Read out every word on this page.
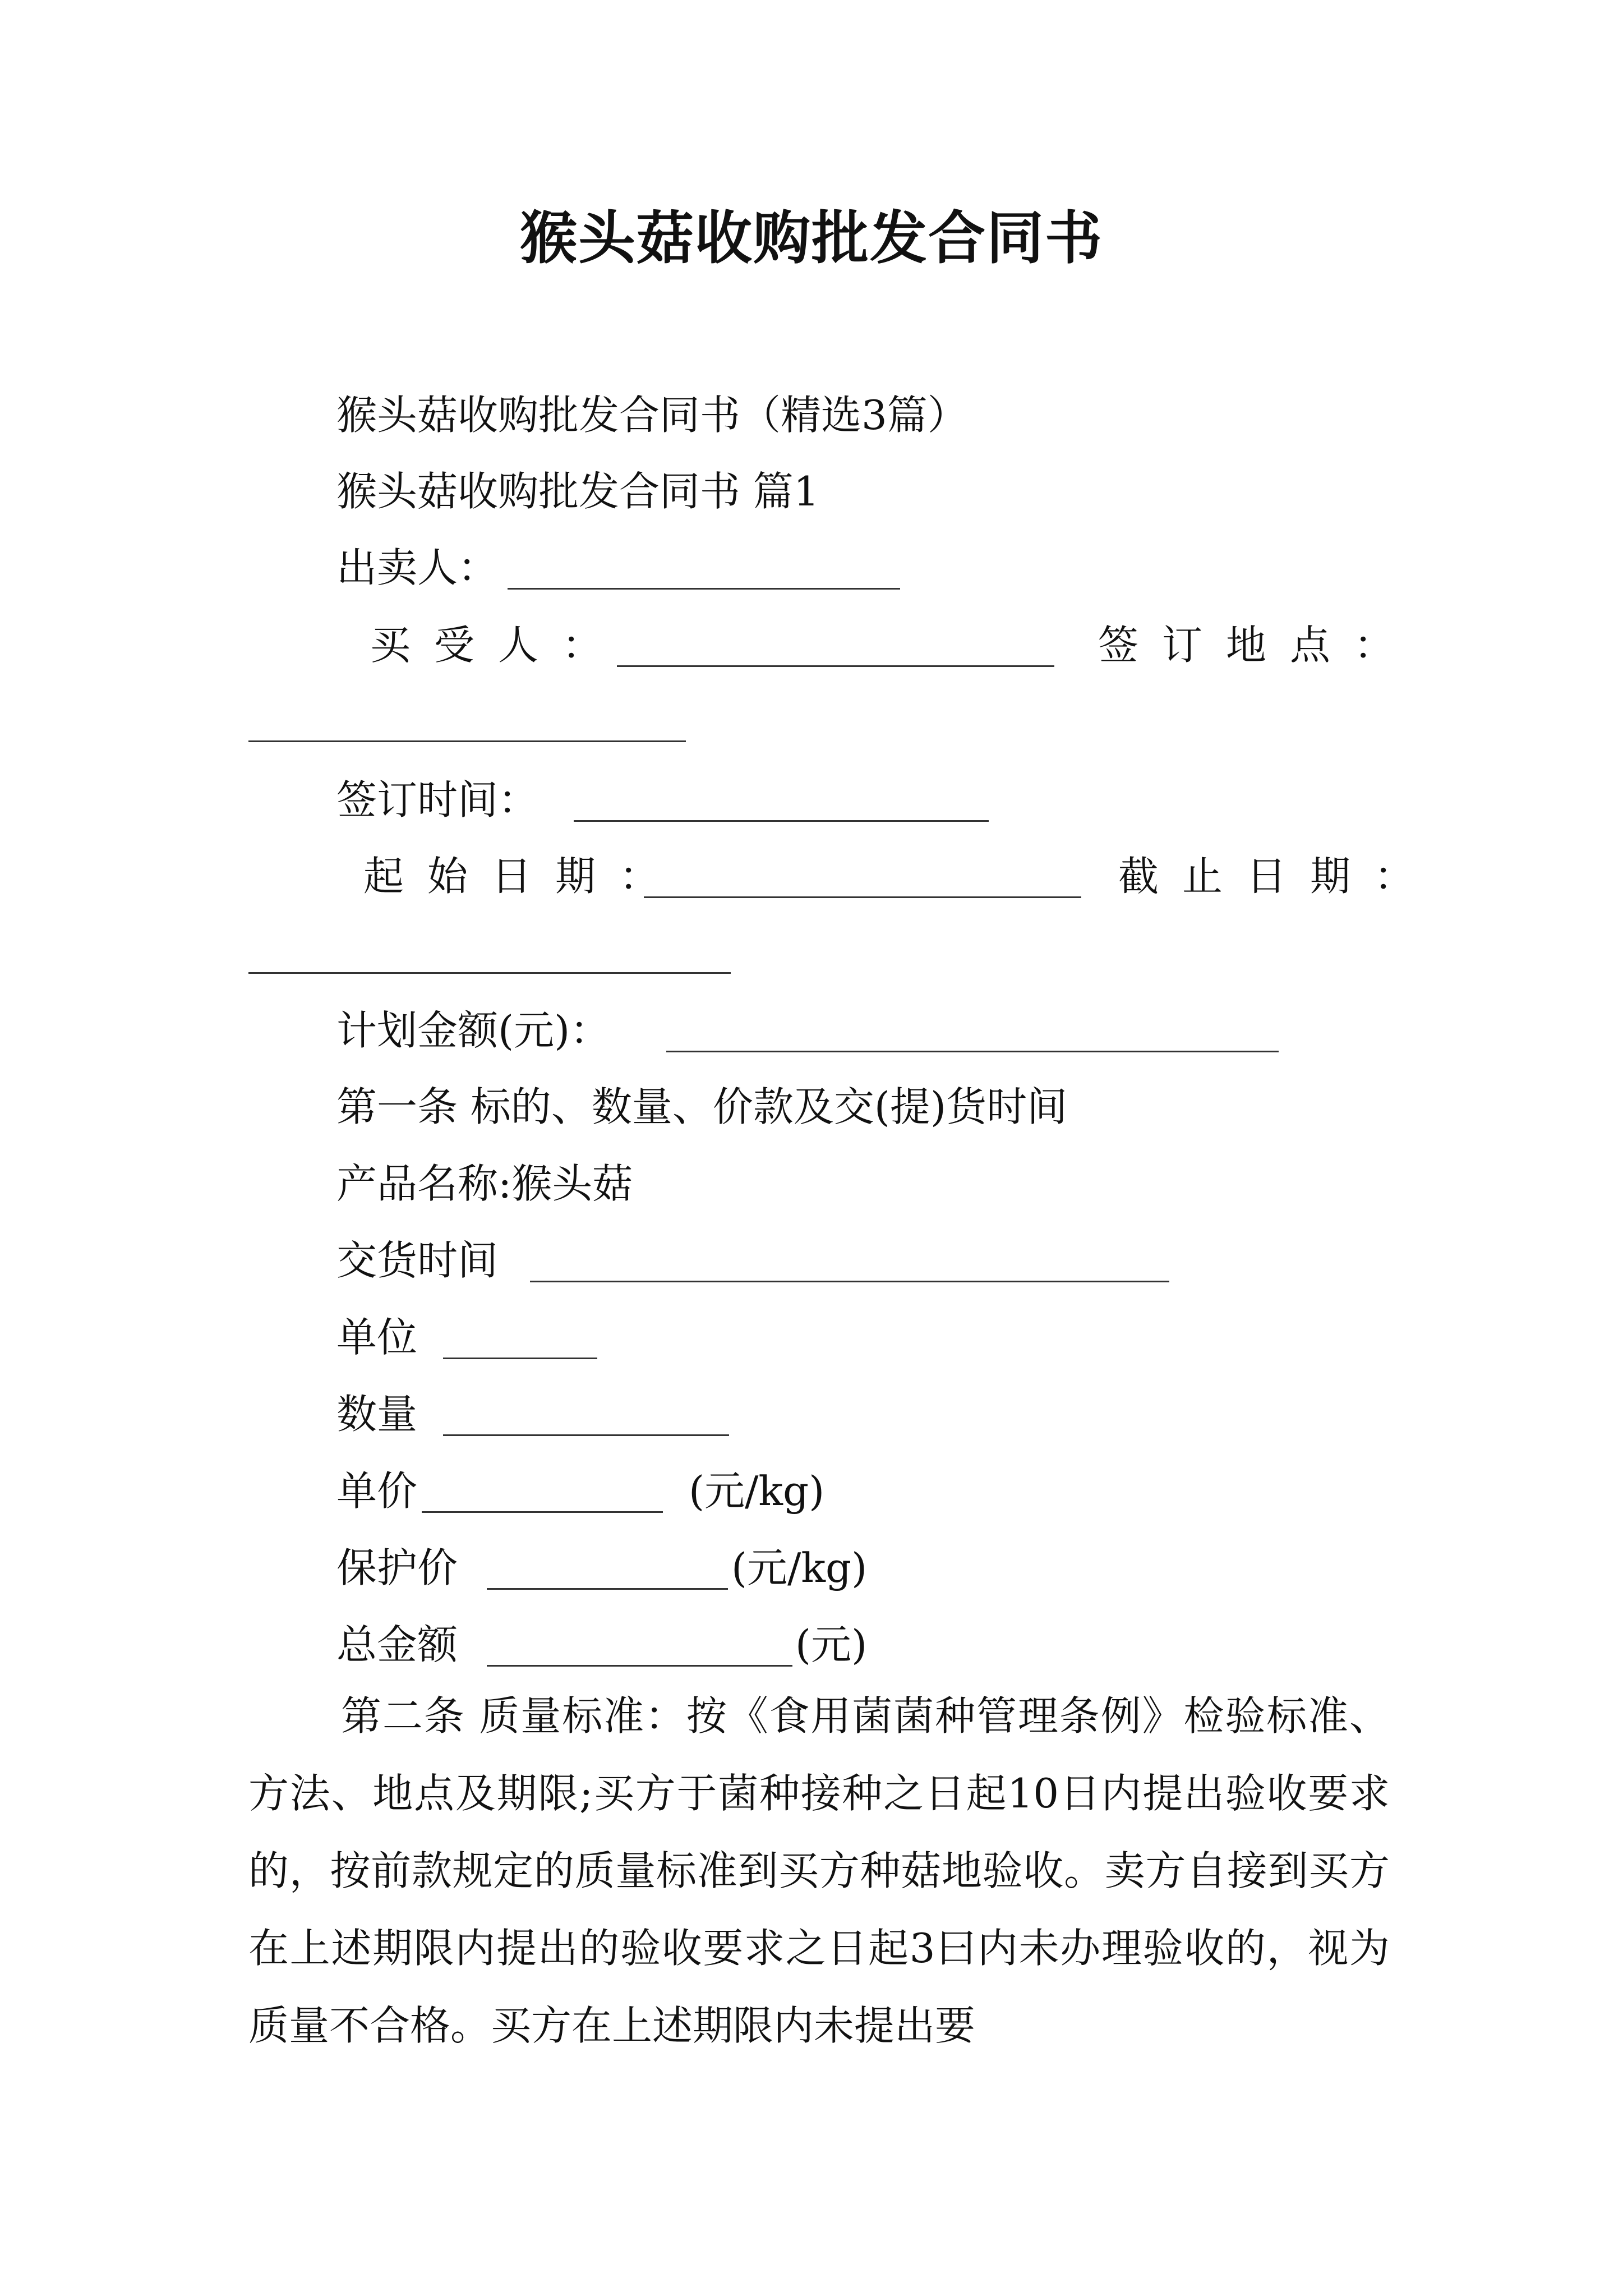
猴头菇收购批发合同书
猴头菇收购批发合同书（精选3篇）
猴头菇收购批发合同书 篇1
出卖人：
买受人：	签订地点：
签订时间：
起始日期：	截止日期：
计划金额(元)：
第一条 标的、数量、价款及交(提)货时间
产品名称:猴头菇
交货时间
单位
数量
单价	(元/kg)
保护价	(元/kg)
总金额	(元)
第二条 质量标准：按《食用菌菌种管理条例》检验标准、方法、地点及期限;买方于菌种接种之日起10日内提出验收要求的，按前款规定的质量标准到买方种菇地验收。卖方自接到买方在上述期限内提出的验收要求之日起3曰内未办理验收的，视为质量不合格。买方在上述期限内未提出要
